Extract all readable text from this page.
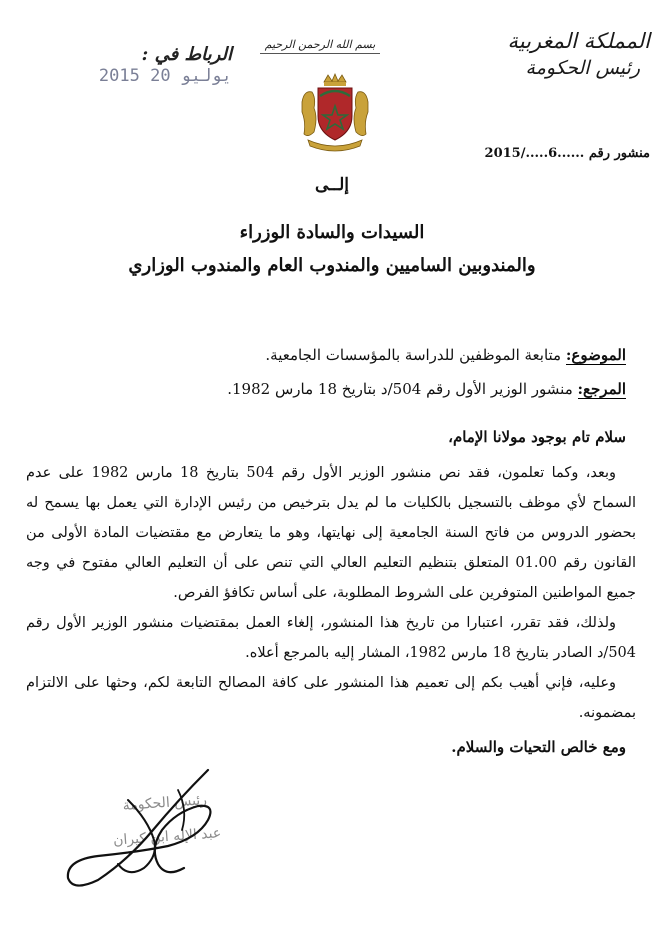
المملكة المغربية
رئيس الحكومة
بسم الله الرحمن الرحيم
الرباط في : 2015 يوليو 20
منشور رقم ......6...../2015
إلــى
السيدات والسادة الوزراء
والمندوبين الساميين والمندوب العام والمندوب الوزاري
الموضوع: متابعة الموظفين للدراسة بالمؤسسات الجامعية.
المرجع: منشور الوزير الأول رقم 504/د بتاريخ 18 مارس 1982.
سلام تام بوجود مولانا الإمام،

وبعد، وكما تعلمون، فقد نص منشور الوزير الأول رقم 504 بتاريخ 18 مارس 1982 على عدم السماح لأي موظف بالتسجيل بالكليات ما لم يدل بترخيص من رئيس الإدارة التي يعمل بها يسمح له بحضور الدروس من فاتح السنة الجامعية إلى نهايتها، وهو ما يتعارض مع مقتضيات المادة الأولى من القانون رقم 01.00 المتعلق بتنظيم التعليم العالي التي تنص على أن التعليم العالي مفتوح في وجه جميع المواطنين المتوفرين على الشروط المطلوبة، على أساس تكافؤ الفرص.

ولذلك، فقد تقرر، اعتبارا من تاريخ هذا المنشور، إلغاء العمل بمقتضيات منشور الوزير الأول رقم 504/د الصادر بتاريخ 18 مارس 1982، المشار إليه بالمرجع أعلاه.

وعليه، فإني أهيب بكم إلى تعميم هذا المنشور على كافة المصالح التابعة لكم، وحثها على الالتزام بمضمونه.

ومع خالص التحيات والسلام.
رئيس الحكومة
عبد الإله ابن كيران
